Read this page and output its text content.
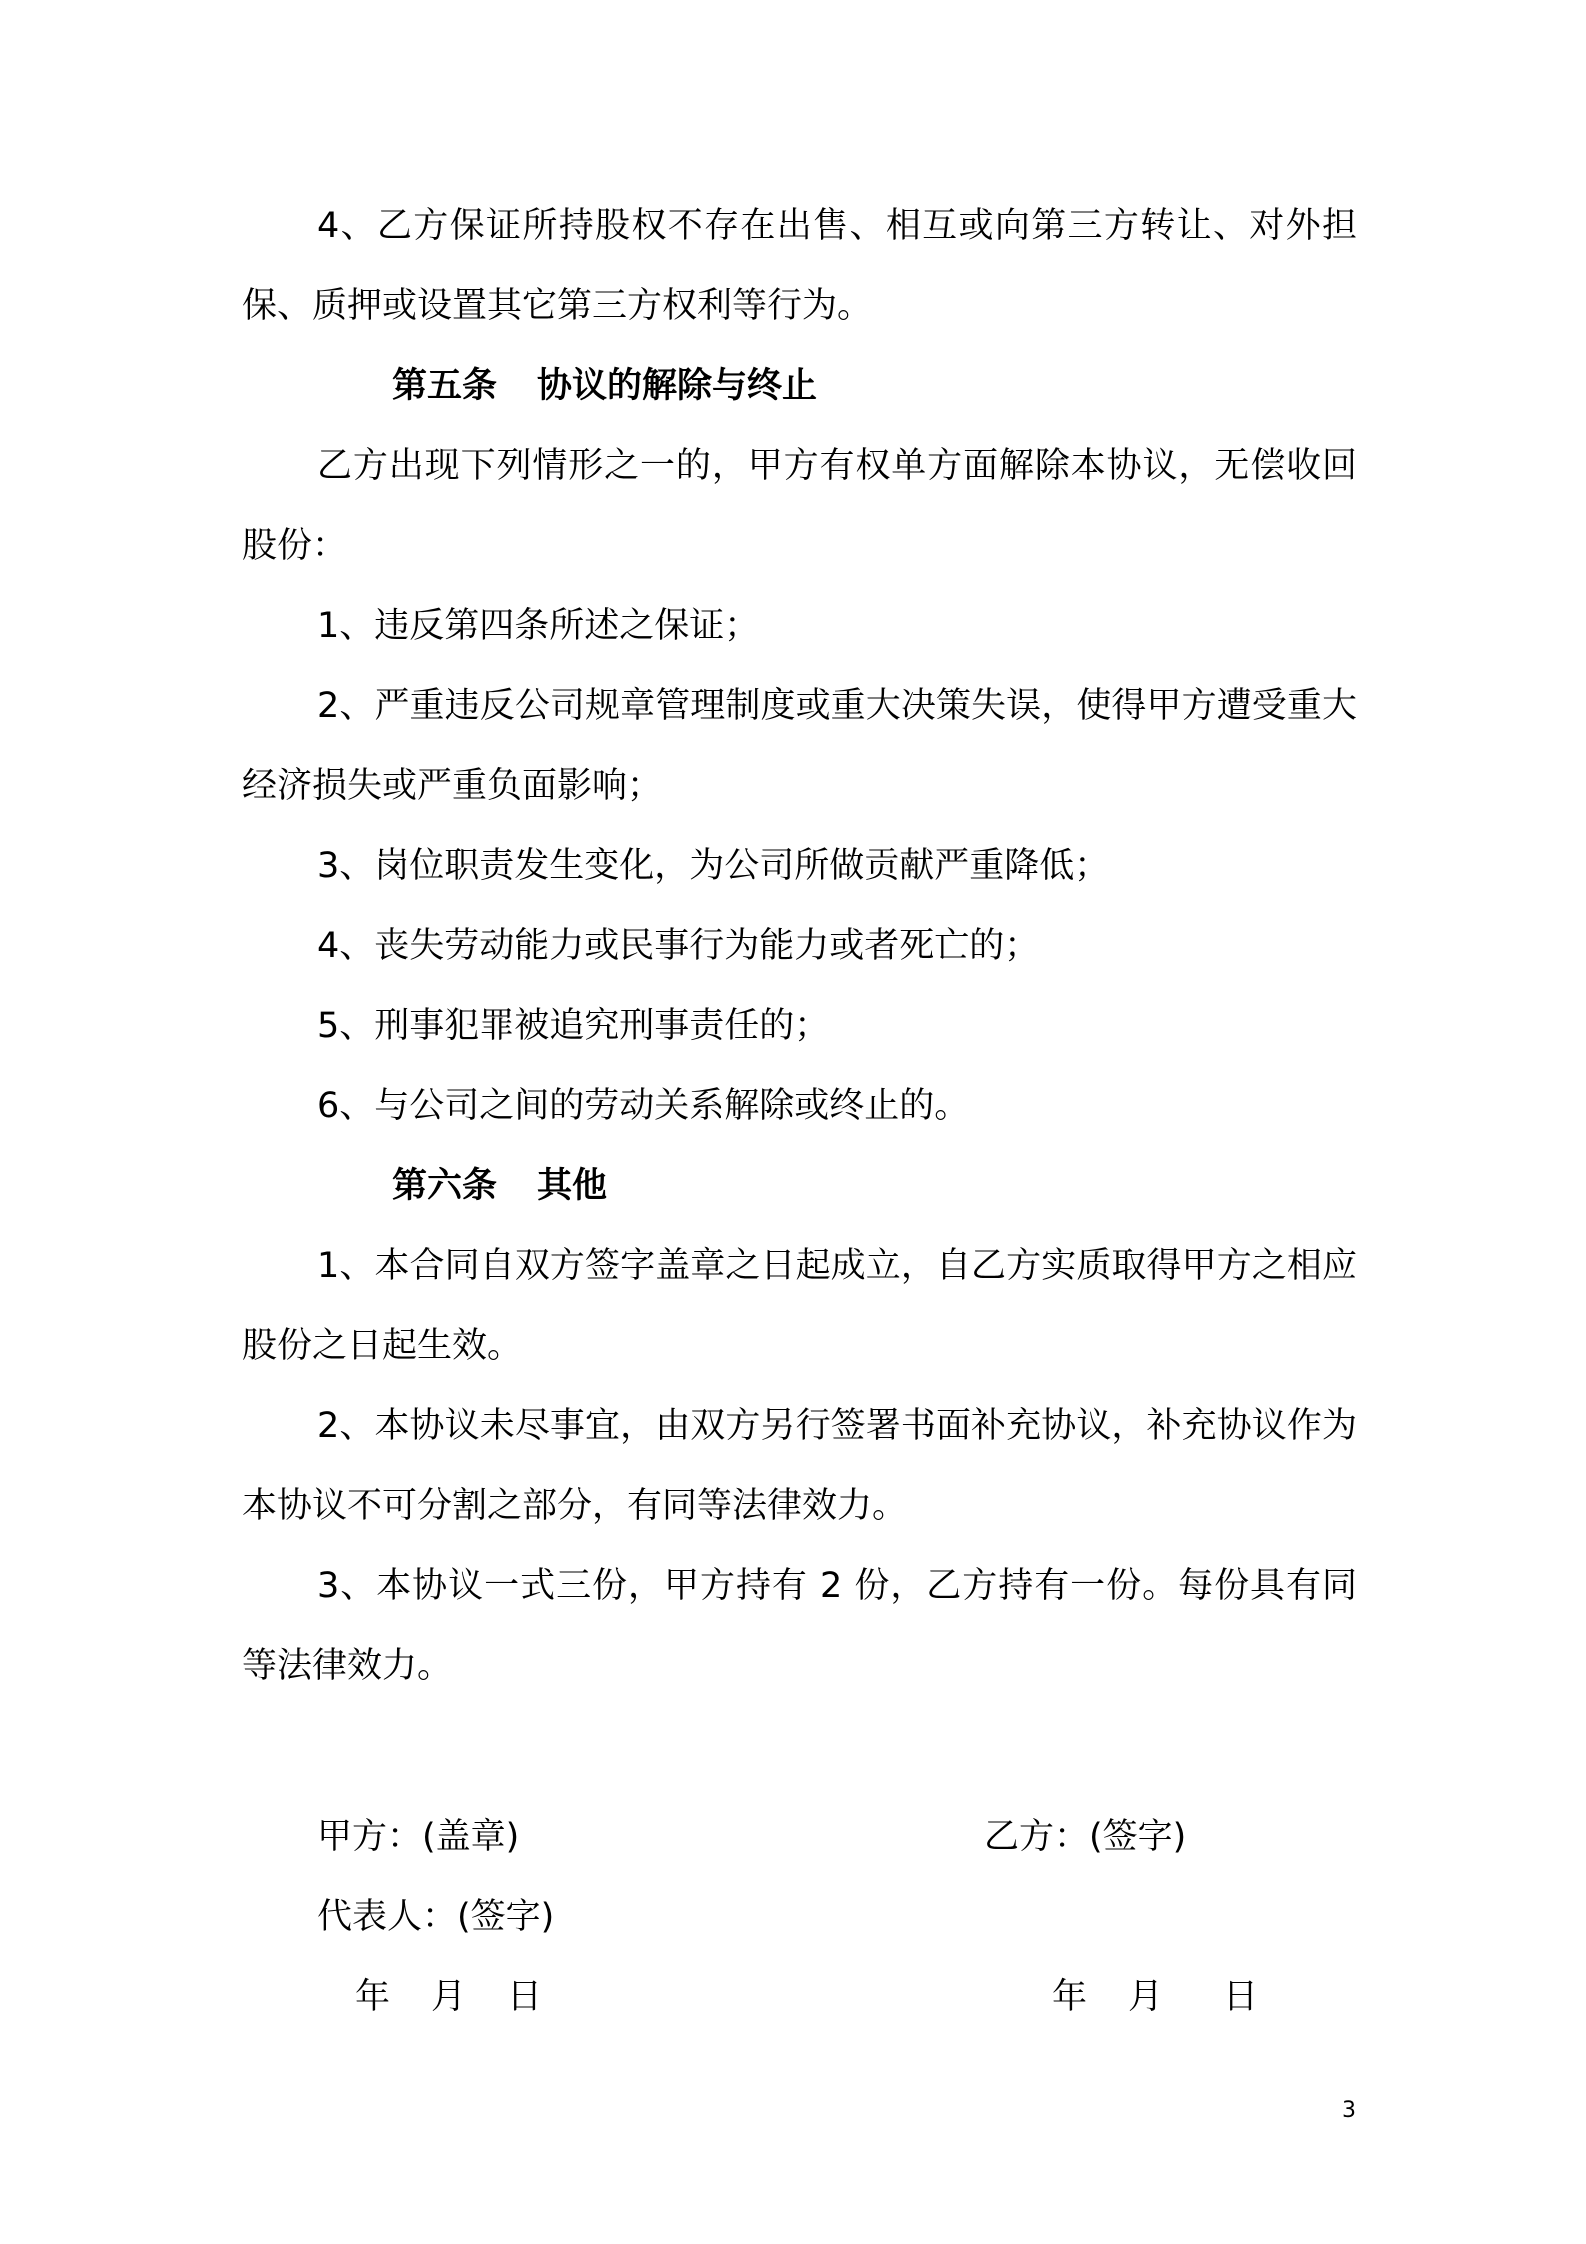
4、乙方保证所持股权不存在出售、相互或向第三方转让、对外担保、质押或设置其它第三方权利等行为。

第五条 协议的解除与终止

乙方出现下列情形之一的，甲方有权单方面解除本协议，无偿收回股份：

1、违反第四条所述之保证；

2、严重违反公司规章管理制度或重大决策失误，使得甲方遭受重大经济损失或严重负面影响；

3、岗位职责发生变化，为公司所做贡献严重降低；

4、丧失劳动能力或民事行为能力或者死亡的；

5、刑事犯罪被追究刑事责任的；

6、与公司之间的劳动关系解除或终止的。

第六条 其他

1、本合同自双方签字盖章之日起成立，自乙方实质取得甲方之相应股份之日起生效。

2、本协议未尽事宜，由双方另行签署书面补充协议，补充协议作为本协议不可分割之部分，有同等法律效力。

3、本协议一式三份，甲方持有 2 份，乙方持有一份。每份具有同等法律效力。

甲方：(盖章)	乙方：(签字)
代表人：(签字)
年 月 日	年 月 日
3
